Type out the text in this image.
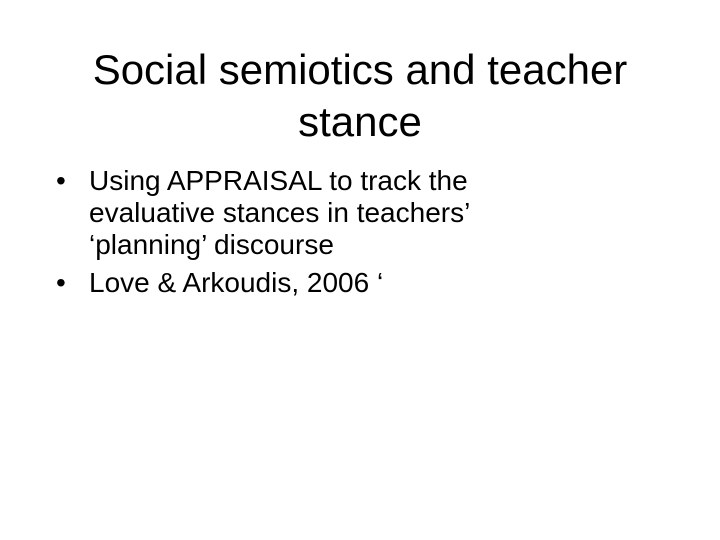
Social semiotics and teacher
stance
• Using APPRAISAL to track the
evaluative stances in teachers’
‘planning’ discourse
• Love & Arkoudis, 2006 ‘
